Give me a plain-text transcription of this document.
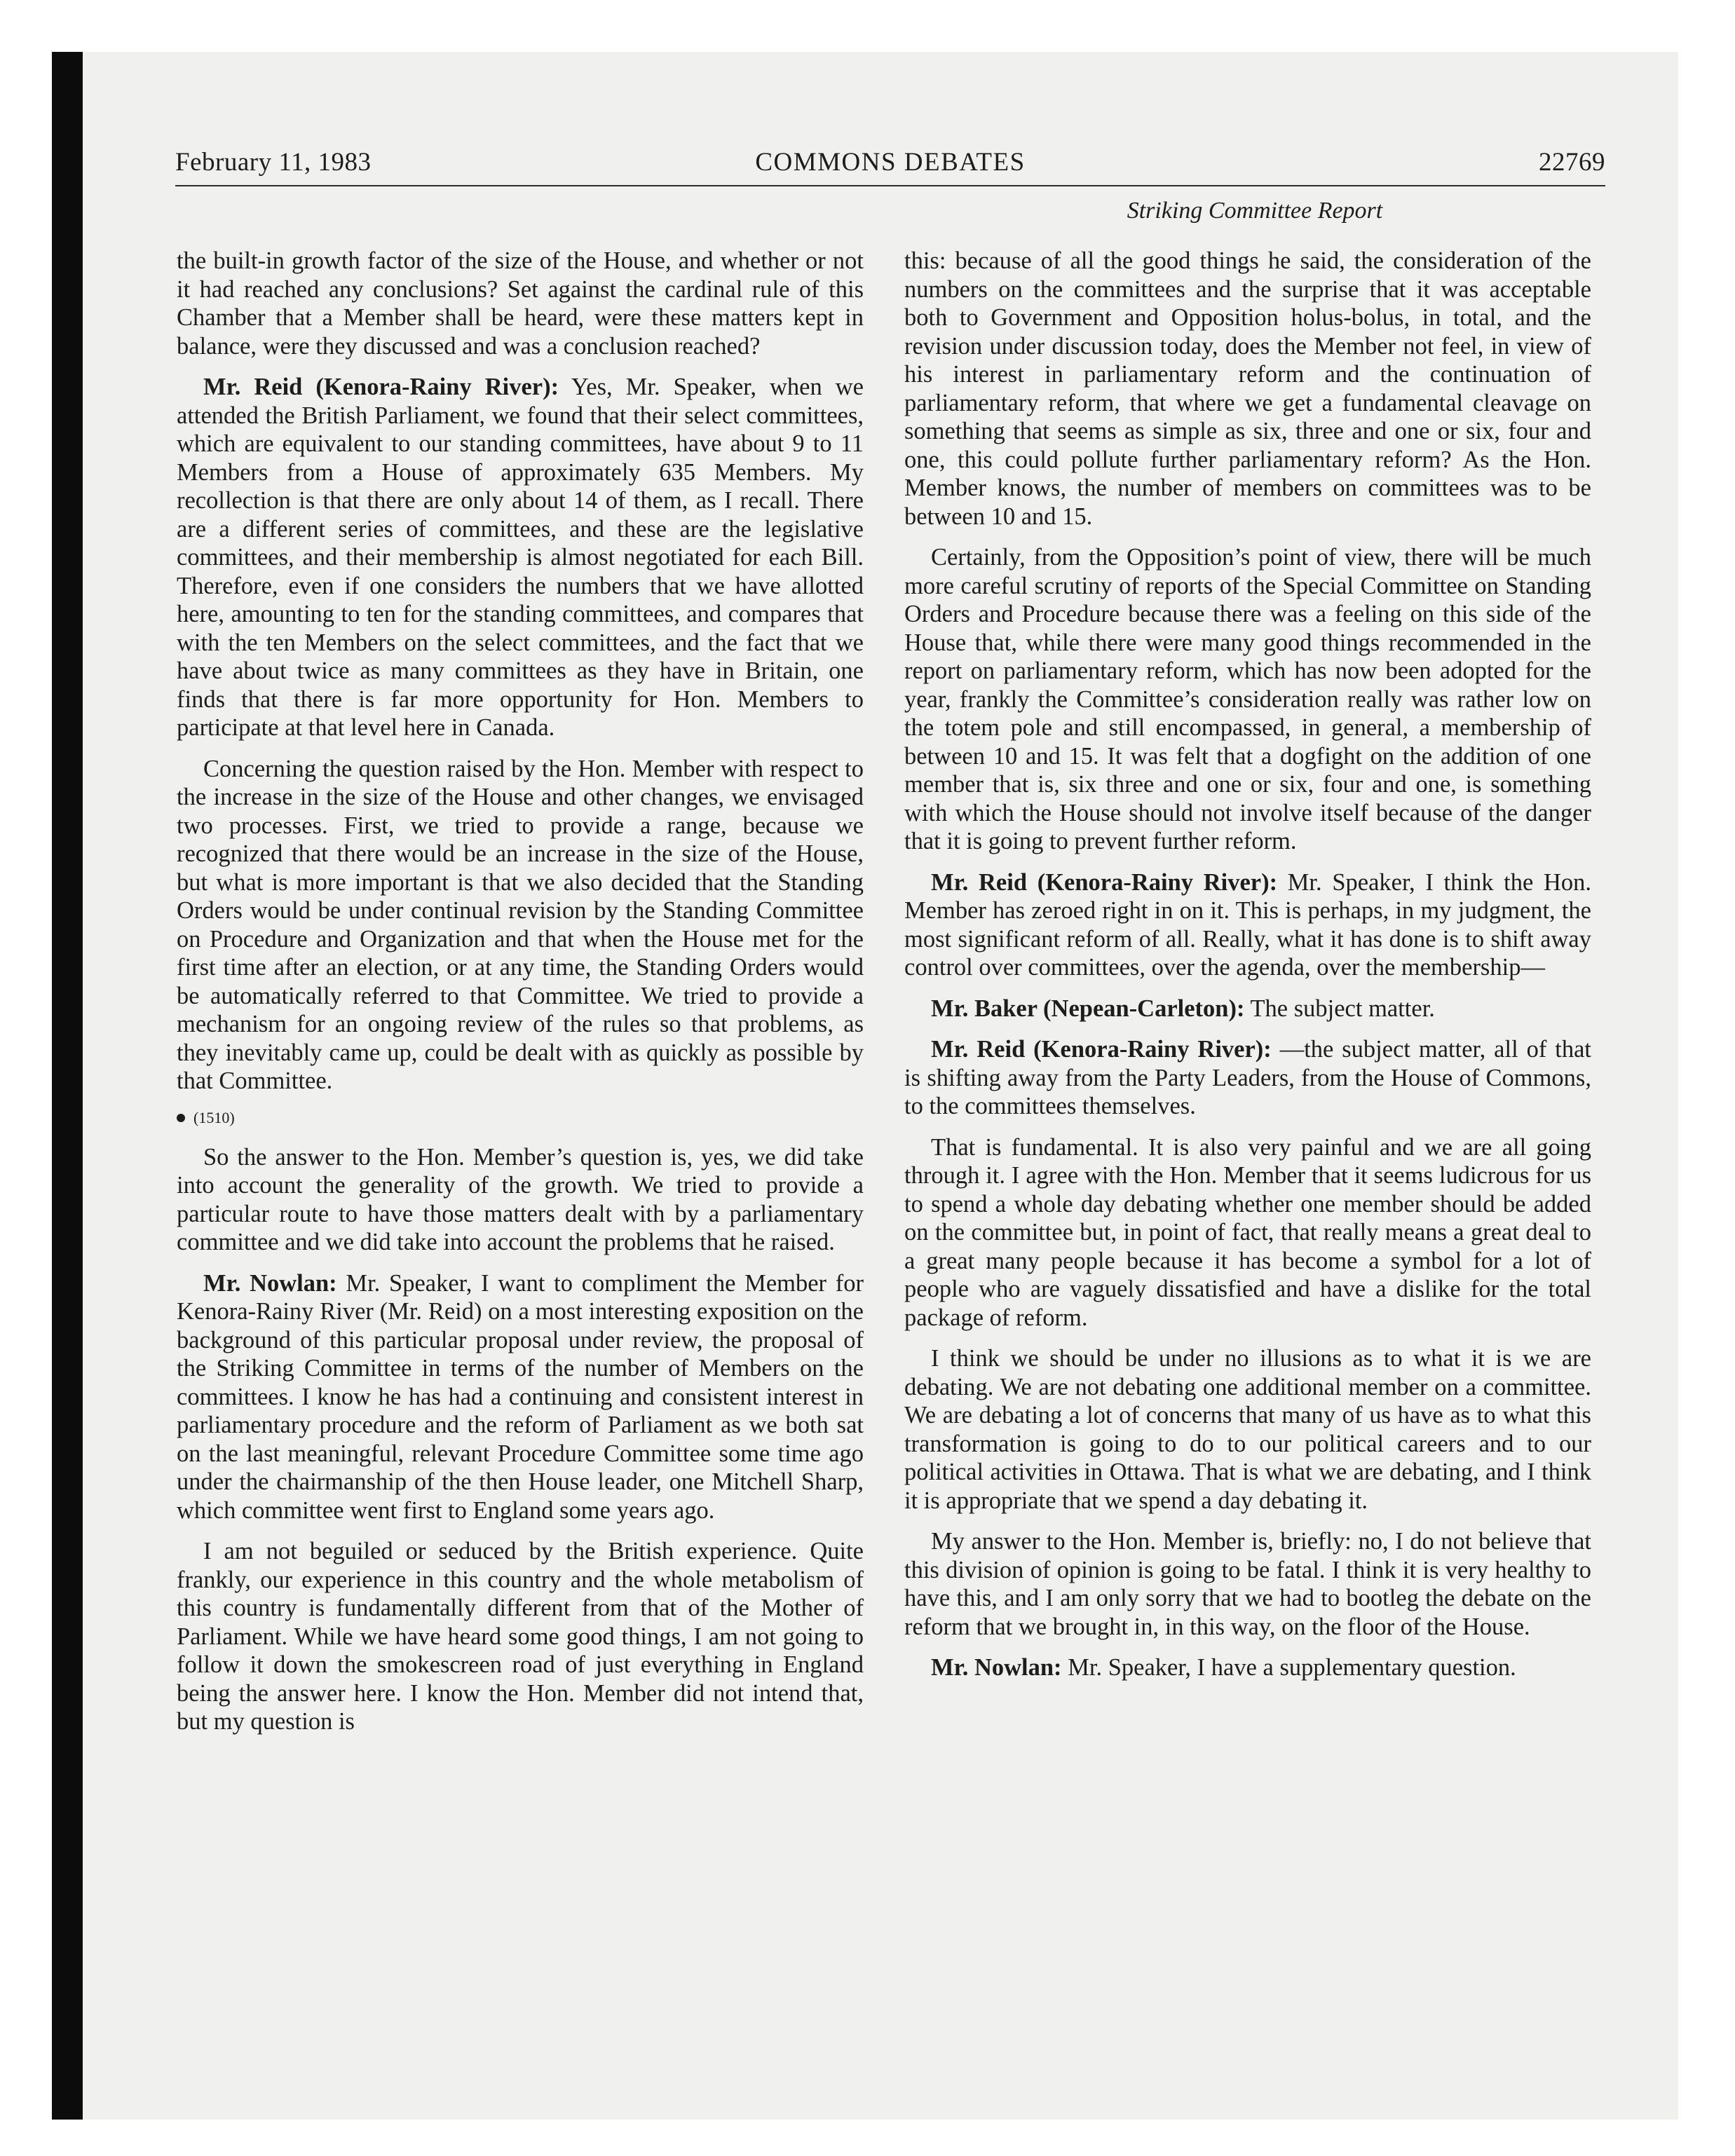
February 11, 1983	COMMONS DEBATES	22769
Striking Committee Report

the built-in growth factor of the size of the House, and whether or not it had reached any conclusions? Set against the cardinal rule of this Chamber that a Member shall be heard, were these matters kept in balance, were they discussed and was a conclusion reached?

Mr. Reid (Kenora-Rainy River): Yes, Mr. Speaker, when we attended the British Parliament, we found that their select committees, which are equivalent to our standing committees, have about 9 to 11 Members from a House of approximately 635 Members. My recollection is that there are only about 14 of them, as I recall. There are a different series of committees, and these are the legislative committees, and their membership is almost negotiated for each Bill. Therefore, even if one considers the numbers that we have allotted here, amounting to ten for the standing committees, and compares that with the ten Members on the select committees, and the fact that we have about twice as many committees as they have in Britain, one finds that there is far more opportunity for Hon. Members to participate at that level here in Canada.

Concerning the question raised by the Hon. Member with respect to the increase in the size of the House and other changes, we envisaged two processes. First, we tried to provide a range, because we recognized that there would be an increase in the size of the House, but what is more important is that we also decided that the Standing Orders would be under continual revision by the Standing Committee on Procedure and Organization and that when the House met for the first time after an election, or at any time, the Standing Orders would be automatically referred to that Committee. We tried to provide a mechanism for an ongoing review of the rules so that problems, as they inevitably came up, could be dealt with as quickly as possible by that Committee.

(1510)

So the answer to the Hon. Member’s question is, yes, we did take into account the generality of the growth. We tried to provide a particular route to have those matters dealt with by a parliamentary committee and we did take into account the problems that he raised.

Mr. Nowlan: Mr. Speaker, I want to compliment the Member for Kenora-Rainy River (Mr. Reid) on a most interesting exposition on the background of this particular proposal under review, the proposal of the Striking Committee in terms of the number of Members on the committees. I know he has had a continuing and consistent interest in parliamentary procedure and the reform of Parliament as we both sat on the last meaningful, relevant Procedure Committee some time ago under the chairmanship of the then House leader, one Mitchell Sharp, which committee went first to England some years ago.

I am not beguiled or seduced by the British experience. Quite frankly, our experience in this country and the whole metabolism of this country is fundamentally different from that of the Mother of Parliament. While we have heard some good things, I am not going to follow it down the smokescreen road of just everything in England being the answer here. I know the Hon. Member did not intend that, but my question is

this: because of all the good things he said, the consideration of the numbers on the committees and the surprise that it was acceptable both to Government and Opposition holus-bolus, in total, and the revision under discussion today, does the Member not feel, in view of his interest in parliamentary reform and the continuation of parliamentary reform, that where we get a fundamental cleavage on something that seems as simple as six, three and one or six, four and one, this could pollute further parliamentary reform? As the Hon. Member knows, the number of members on committees was to be between 10 and 15.

Certainly, from the Opposition’s point of view, there will be much more careful scrutiny of reports of the Special Committee on Standing Orders and Procedure because there was a feeling on this side of the House that, while there were many good things recommended in the report on parliamentary reform, which has now been adopted for the year, frankly the Committee’s consideration really was rather low on the totem pole and still encompassed, in general, a membership of between 10 and 15. It was felt that a dogfight on the addition of one member that is, six three and one or six, four and one, is something with which the House should not involve itself because of the danger that it is going to prevent further reform.

Mr. Reid (Kenora-Rainy River): Mr. Speaker, I think the Hon. Member has zeroed right in on it. This is perhaps, in my judgment, the most significant reform of all. Really, what it has done is to shift away control over committees, over the agenda, over the membership—

Mr. Baker (Nepean-Carleton): The subject matter.

Mr. Reid (Kenora-Rainy River): —the subject matter, all of that is shifting away from the Party Leaders, from the House of Commons, to the committees themselves.

That is fundamental. It is also very painful and we are all going through it. I agree with the Hon. Member that it seems ludicrous for us to spend a whole day debating whether one member should be added on the committee but, in point of fact, that really means a great deal to a great many people because it has become a symbol for a lot of people who are vaguely dissatisfied and have a dislike for the total package of reform.

I think we should be under no illusions as to what it is we are debating. We are not debating one additional member on a committee. We are debating a lot of concerns that many of us have as to what this transformation is going to do to our political careers and to our political activities in Ottawa. That is what we are debating, and I think it is appropriate that we spend a day debating it.

My answer to the Hon. Member is, briefly: no, I do not believe that this division of opinion is going to be fatal. I think it is very healthy to have this, and I am only sorry that we had to bootleg the debate on the reform that we brought in, in this way, on the floor of the House.

Mr. Nowlan: Mr. Speaker, I have a supplementary question.
